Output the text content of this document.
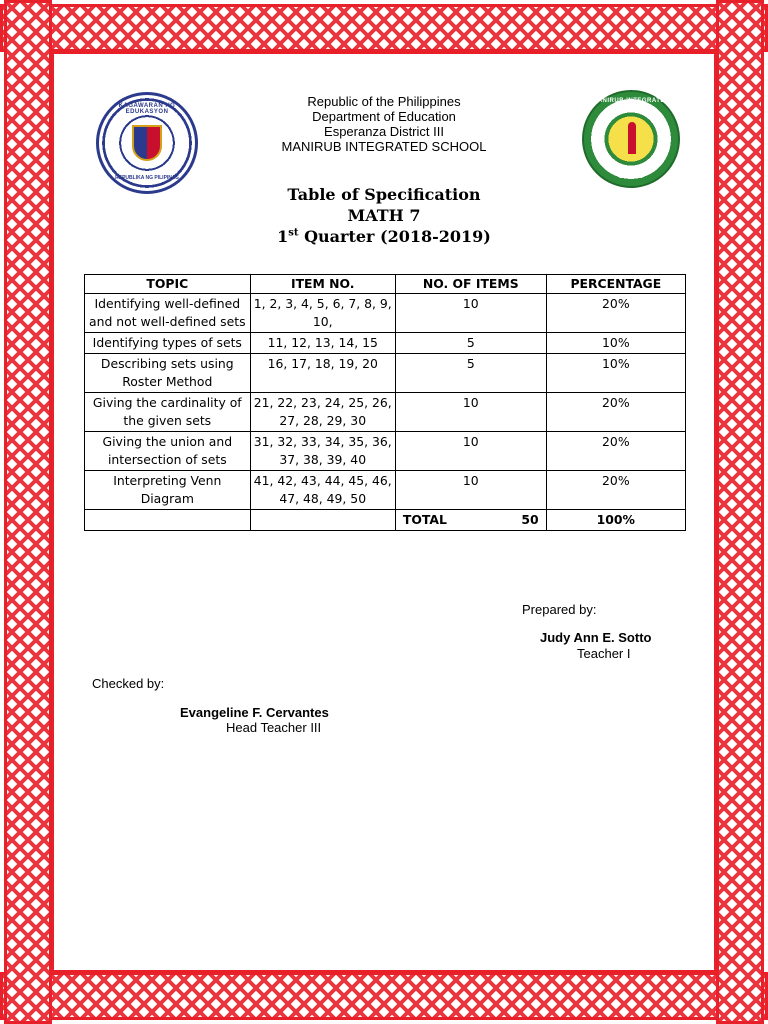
KAGAWARAN NG EDUKASYON
REPUBLIKA NG PILIPINAS
MANIRUB INTEGRATED SCHOOL
1980-2016
Republic of the Philippines
Department of Education
Esperanza District III
MANIRUB INTEGRATED SCHOOL
Table of Specification
MATH 7
1st Quarter (2018-2019)
TOPIC	ITEM NO.	NO. OF ITEMS	PERCENTAGE
Identifying well-defined and not well-defined sets	1, 2, 3, 4, 5, 6, 7, 8, 9, 10,	10	20%
Identifying types of sets	11, 12, 13, 14, 15	5	10%
Describing sets using Roster Method	16, 17, 18, 19, 20	5	10%
Giving the cardinality of the given sets	21, 22, 23, 24, 25, 26, 27, 28, 29, 30	10	20%
Giving the union and intersection of sets	31, 32, 33, 34, 35, 36, 37, 38, 39, 40	10	20%
Interpreting Venn Diagram	41, 42, 43, 44, 45, 46, 47, 48, 49, 50	10	20%

		TOTAL 50	100%
Prepared by:
Judy Ann E. Sotto
Teacher I
Checked by:
Evangeline F. Cervantes
Head Teacher III
